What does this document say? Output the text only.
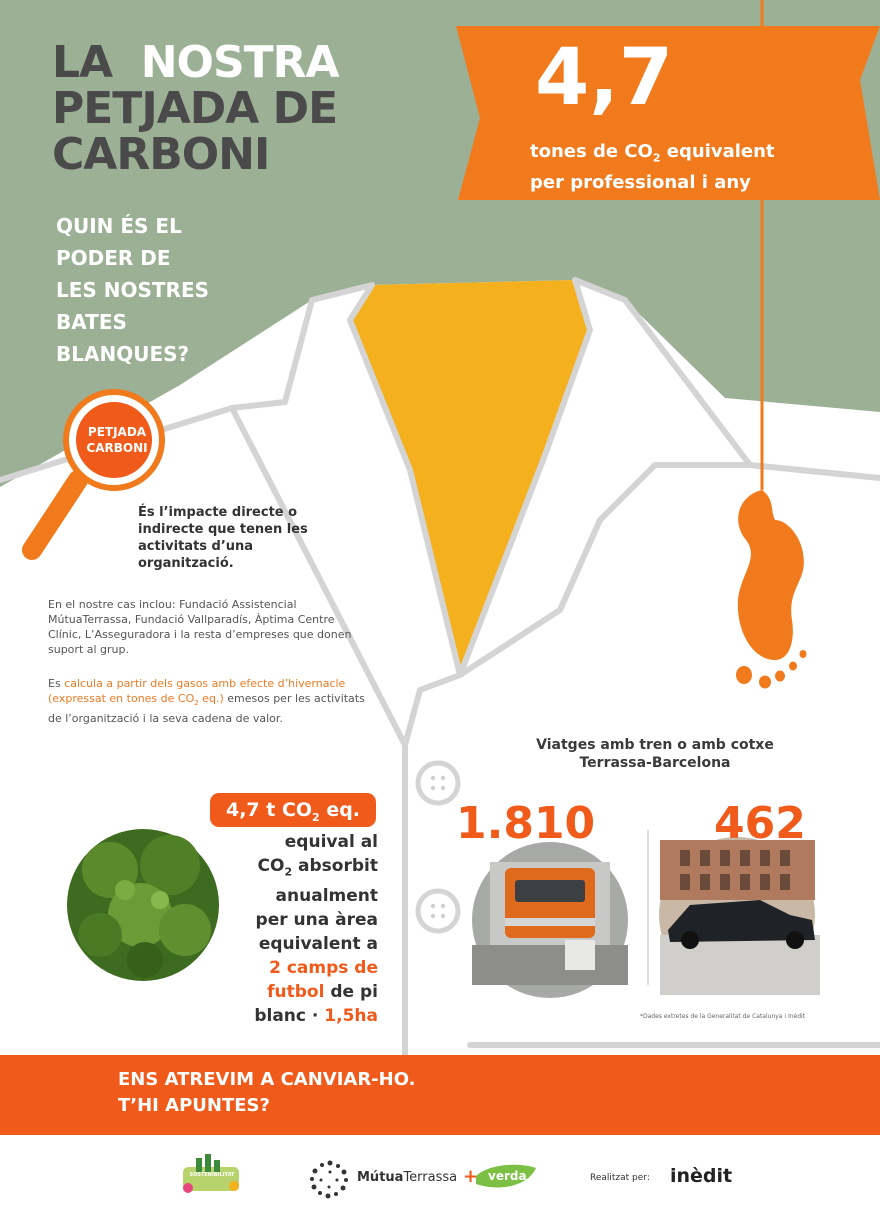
LA NOSTRA
PETJADA DE
CARBONI
QUIN ÉS EL
PODER DE
LES NOSTRES
BATES
BLANQUES?
4,7
tones de $CO_2$ equivalent
per professional i any
PETJADA
CARBONI
És l’impacte directe o indirecte que tenen les activitats d’una organització.
En el nostre cas inclou: Fundació Assistencial MútuaTerrassa, Fundació Vallparadís, Àptima Centre Clínic, L’Asseguradora i la resta d’empreses que donen suport al grup.
Es calcula a partir dels gasos amb efecte d’hivernacle (expressat en tones de $CO_2$ eq.) emesos per les activitats de l’organització i la seva cadena de valor.
Viatges amb tren o amb cotxe
Terrassa-Barcelona
1.810	462
*Dades extretes de la Generalitat de Catalunya i Inèdit
4,7 t $CO_2$ eq.
equival al
$CO_2$ absorbit
anualment
per una àrea
equivalent a
2 camps de
futbol de pi
blanc · 1,5ha
ENS ATREVIM A CANVIAR-HO.
T’HI APUNTES?
SOSTENIBILITAT	MútuaTerrassa + verda	Realitzat per: inèdit
